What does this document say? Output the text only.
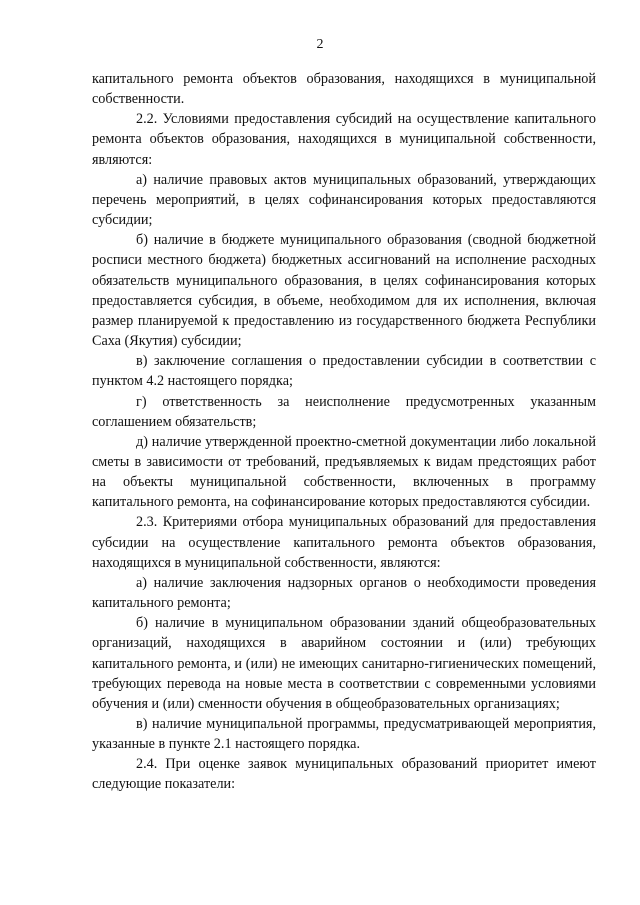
2

капитального ремонта объектов образования, находящихся в муниципальной собственности.

2.2. Условиями предоставления субсидий на осуществление капитального ремонта объектов образования, находящихся в муниципальной собственности, являются:

а) наличие правовых актов муниципальных образований, утверждающих перечень мероприятий, в целях софинансирования которых предоставляются субсидии;

б) наличие в бюджете муниципального образования (сводной бюджетной росписи местного бюджета) бюджетных ассигнований на исполнение расходных обязательств муниципального образования, в целях софинансирования которых предоставляется субсидия, в объеме, необходимом для их исполнения, включая размер планируемой к предоставлению из государственного бюджета Республики Саха (Якутия) субсидии;

в) заключение соглашения о предоставлении субсидии в соответствии с пунктом 4.2 настоящего порядка;

г) ответственность за неисполнение предусмотренных указанным соглашением обязательств;

д) наличие утвержденной проектно-сметной документации либо локальной сметы в зависимости от требований, предъявляемых к видам предстоящих работ на объекты муниципальной собственности, включенных в программу капитального ремонта, на софинансирование которых предоставляются субсидии.

2.3. Критериями отбора муниципальных образований для предоставления субсидии на осуществление капитального ремонта объектов образования, находящихся в муниципальной собственности, являются:

а) наличие заключения надзорных органов о необходимости проведения капитального ремонта;

б) наличие в муниципальном образовании зданий общеобразовательных организаций, находящихся в аварийном состоянии и (или) требующих капитального ремонта, и (или) не имеющих санитарно-гигиенических помещений, требующих перевода на новые места в соответствии с современными условиями обучения и (или) сменности обучения в общеобразовательных организациях;

в) наличие муниципальной программы, предусматривающей мероприятия, указанные в пункте 2.1 настоящего порядка.

2.4. При оценке заявок муниципальных образований приоритет имеют следующие показатели:
